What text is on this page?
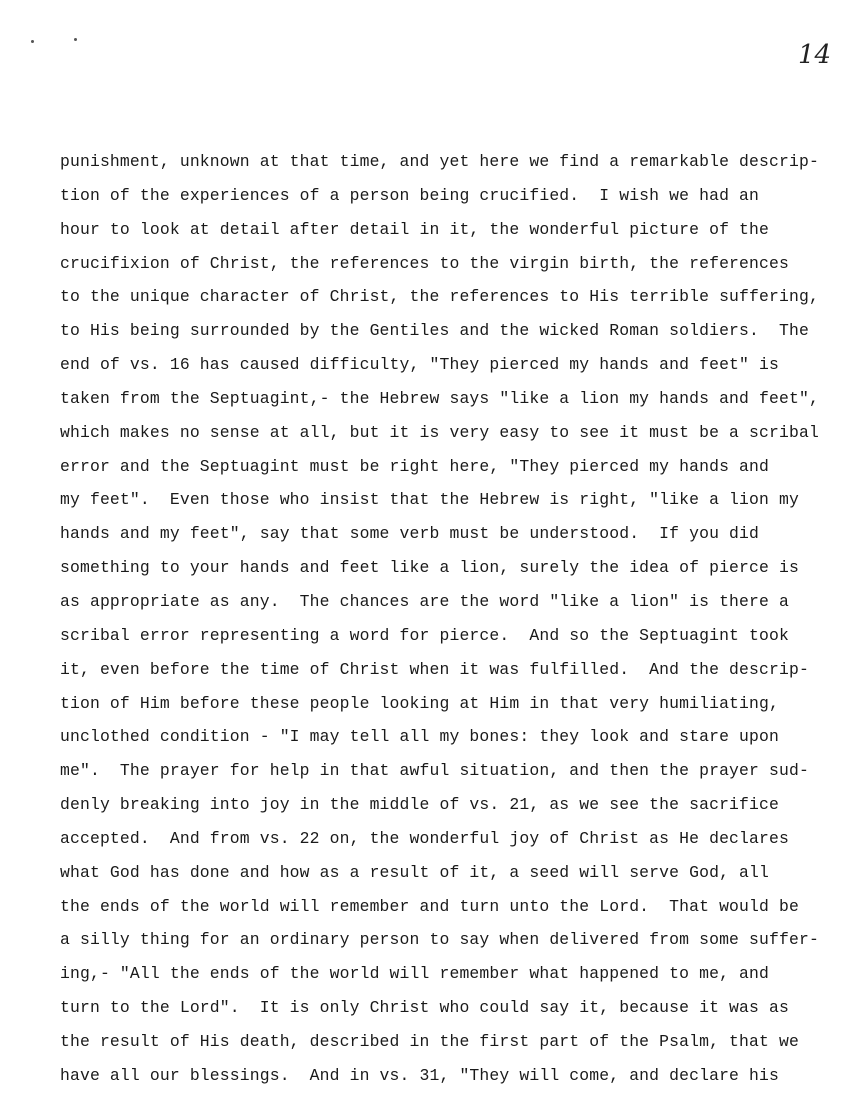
14
punishment, unknown at that time, and yet here we find a remarkable descrip-
tion of the experiences of a person being crucified.  I wish we had an
hour to look at detail after detail in it, the wonderful picture of the
crucifixion of Christ, the references to the virgin birth, the references
to the unique character of Christ, the references to His terrible suffering,
to His being surrounded by the Gentiles and the wicked Roman soldiers.  The
end of vs. 16 has caused difficulty, "They pierced my hands and feet" is
taken from the Septuagint,- the Hebrew says "like a lion my hands and feet",
which makes no sense at all, but it is very easy to see it must be a scribal
error and the Septuagint must be right here, "They pierced my hands and
my feet".  Even those who insist that the Hebrew is right, "like a lion my
hands and my feet", say that some verb must be understood.  If you did
something to your hands and feet like a lion, surely the idea of pierce is
as appropriate as any.  The chances are the word "like a lion" is there a
scribal error representing a word for pierce.  And so the Septuagint took
it, even before the time of Christ when it was fulfilled.  And the descrip-
tion of Him before these people looking at Him in that very humiliating,
unclothed condition - "I may tell all my bones: they look and stare upon
me".  The prayer for help in that awful situation, and then the prayer sud-
denly breaking into joy in the middle of vs. 21, as we see the sacrifice
accepted.  And from vs. 22 on, the wonderful joy of Christ as He declares
what God has done and how as a result of it, a seed will serve God, all
the ends of the world will remember and turn unto the Lord.  That would be
a silly thing for an ordinary person to say when delivered from some suffer-
ing,- "All the ends of the world will remember what happened to me, and
turn to the Lord".  It is only Christ who could say it, because it was as
the result of His death, described in the first part of the Psalm, that we
have all our blessings.  And in vs. 31, "They will come, and declare his
